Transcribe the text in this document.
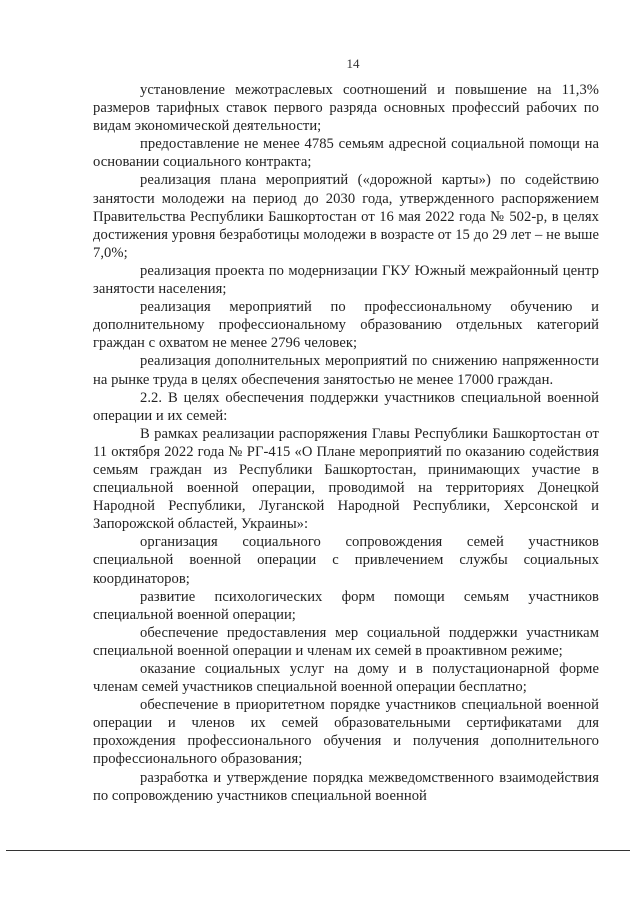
14

установление межотраслевых соотношений и повышение на 11,3% размеров тарифных ставок первого разряда основных профессий рабочих по видам экономической деятельности;

предоставление не менее 4785 семьям адресной социальной помощи на основании социального контракта;

реализация плана мероприятий («дорожной карты») по содействию занятости молодежи на период до 2030 года, утвержденного распоряжением Правительства Республики Башкортостан от 16 мая 2022 года № 502-р, в целях достижения уровня безработицы молодежи в возрасте от 15 до 29 лет – не выше 7,0%;

реализация проекта по модернизации ГКУ Южный межрайонный центр занятости населения;

реализация мероприятий по профессиональному обучению и дополнительному профессиональному образованию отдельных категорий граждан с охватом не менее 2796 человек;

реализация дополнительных мероприятий по снижению напряженности на рынке труда в целях обеспечения занятостью не менее 17000 граждан.

2.2. В целях обеспечения поддержки участников специальной военной операции и их семей:

В рамках реализации распоряжения Главы Республики Башкортостан от 11 октября 2022 года № РГ-415 «О Плане мероприятий по оказанию содействия семьям граждан из Республики Башкортостан, принимающих участие в специальной военной операции, проводимой на территориях Донецкой Народной Республики, Луганской Народной Республики, Херсонской и Запорожской областей, Украины»:

организация социального сопровождения семей участников специальной военной операции с привлечением службы социальных координаторов;

развитие психологических форм помощи семьям участников специальной военной операции;

обеспечение предоставления мер социальной поддержки участникам специальной военной операции и членам их семей в проактивном режиме;

оказание социальных услуг на дому и в полустационарной форме членам семей участников специальной военной операции бесплатно;

обеспечение в приоритетном порядке участников специальной военной операции и членов их семей образовательными сертификатами для прохождения профессионального обучения и получения дополнительного профессионального образования;

разработка и утверждение порядка межведомственного взаимодействия по сопровождению участников специальной военной
